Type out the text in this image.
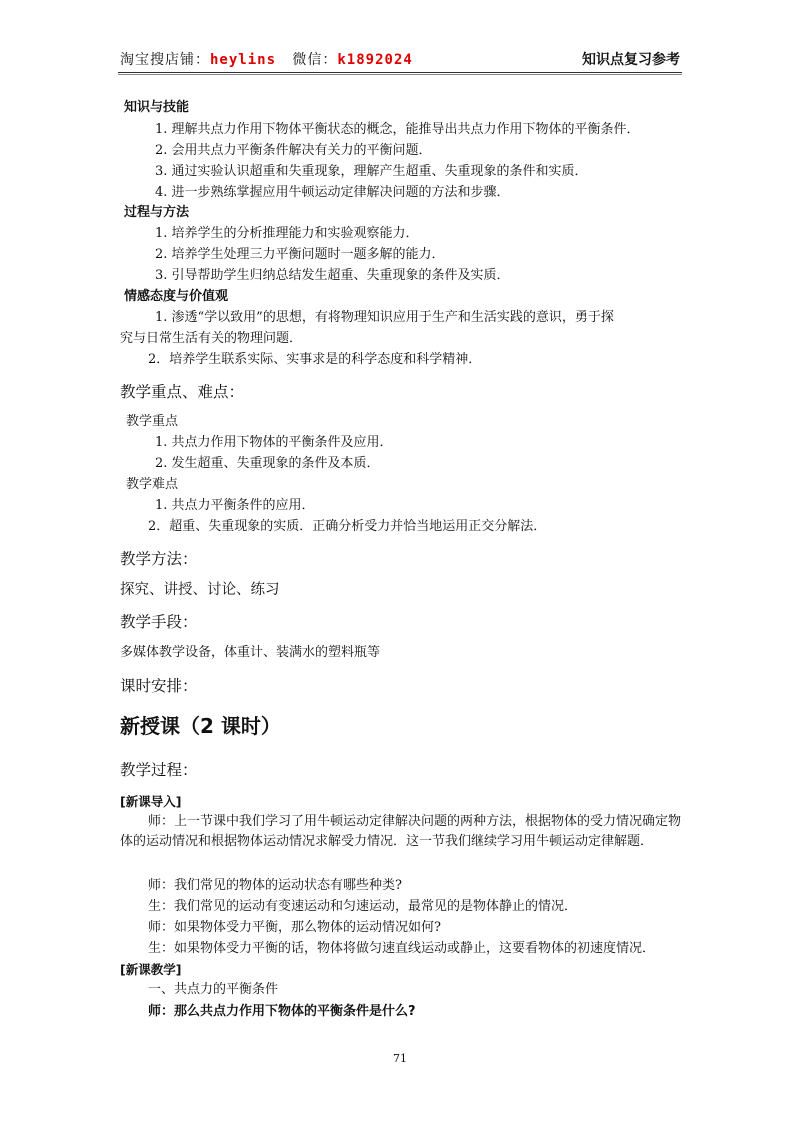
淘宝搜店铺：heylins 微信：k1892024	知识点复习参考
知识与技能
1. 理解共点力作用下物体平衡状态的概念，能推导出共点力作用下物体的平衡条件．
2. 会用共点力平衡条件解决有关力的平衡问题．
3. 通过实验认识超重和失重现象，理解产生超重、失重现象的条件和实质．
4. 进一步熟练掌握应用牛顿运动定律解决问题的方法和步骤．
过程与方法
1. 培养学生的分析推理能力和实验观察能力．
2. 培养学生处理三力平衡问题时一题多解的能力．
3. 引导帮助学生归纳总结发生超重、失重现象的条件及实质．
情感态度与价值观
1. 渗透“学以致用”的思想，有将物理知识应用于生产和生活实践的意识，勇于探
究与日常生活有关的物理问题．
2．培养学生联系实际、实事求是的科学态度和科学精神．
教学重点、难点：
教学重点
1. 共点力作用下物体的平衡条件及应用．
2. 发生超重、失重现象的条件及本质．
教学难点
1. 共点力平衡条件的应用．
2．超重、失重现象的实质．正确分析受力并恰当地运用正交分解法．
教学方法：
探究、讲授、讨论、练习
教学手段：
多媒体教学设备，体重计、装满水的塑料瓶等
课时安排：
新授课（2 课时）
教学过程：
[新课导入]
师：上一节课中我们学习了用牛顿运动定律解决问题的两种方法，根据物体的受力情况确定物体的运动情况和根据物体运动情况求解受力情况．这一节我们继续学习用牛顿运动定律解题．
师：我们常见的物体的运动状态有哪些种类?
生：我们常见的运动有变速运动和匀速运动，最常见的是物体静止的情况．
师：如果物体受力平衡，那么物体的运动情况如何?
生：如果物体受力平衡的话，物体将做匀速直线运动或静止，这要看物体的初速度情况．
[新课教学]
一、共点力的平衡条件
师：那么共点力作用下物体的平衡条件是什么?
71
